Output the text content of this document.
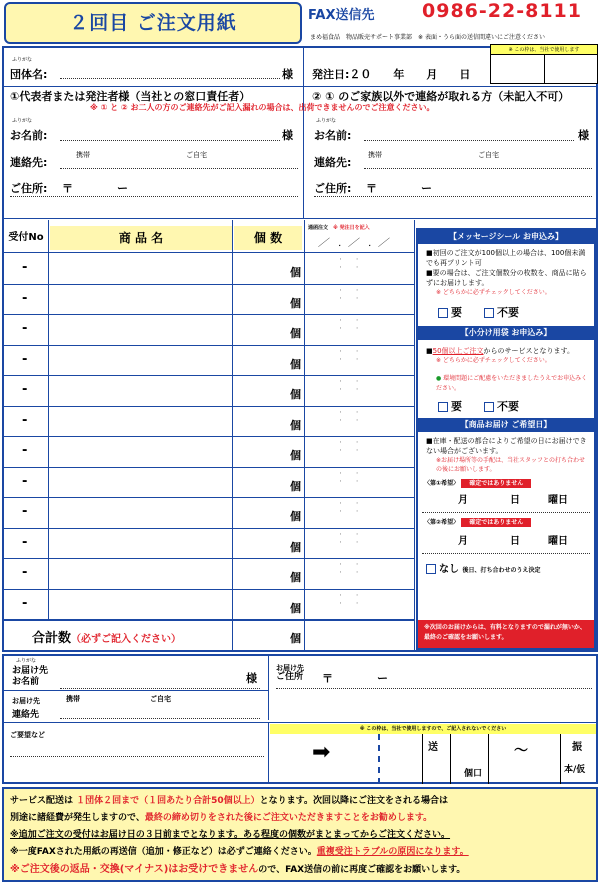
２回目 ご注文用紙	FAX送信先	0986-22-8111
まめ福食品　物品販売サポート事業部　 ※ 表面・うら面の送信間違いにご注意ください
※ この枠は、当社で使用します
ふりがな
団体名:	様 発注日:２０　　年　　月　　日
①代表者または発注者様（当社との窓口責任者）	② ① のご家族以外で連絡が取れる方（未記入不可）
※ ① と ② お二人の方のご連絡先がご記入漏れの場合は、出荷できませんのでご注意ください。
ふりがな
お名前:	様
連絡先:
携帯	ご自宅
ご住所: 〒　　　　ー
ふりがな
お名前:	様
連絡先:
携帯	ご自宅
ご住所: 〒　　　　ー
受付No	商 品 名	個 数
通函注文　 ※ 発注日を記入
／　．／　．／
-	個
・　　 ・
・　　 ・
-	個
・　　 ・
・　　 ・
-	個
・　　 ・
・　　 ・
-	個
・　　 ・
・　　 ・
-	個
・　　 ・
・　　 ・
-	個
・　　 ・
・　　 ・
-	個
・　　 ・
・　　 ・
-	個
・　　 ・
・　　 ・
-	個
・　　 ・
・　　 ・
-	個
・　　 ・
・　　 ・
-	個
・　　 ・
・　　 ・
-	個
・　　 ・
・　　 ・
合計数（必ずご記入ください）	個
【メッセージシール お申込み】
■初回のご注文が100個以上の場合は、100個未満でも再プリント可
■要の場合は、ご注文個数分の枚数を、商品に貼らずにお届けします。
※ どちらかに必ずチェックしてください。
要　　	不要
【小分け用袋 お申込み】
■50個以上ご注文からのサービスとなります。
※ どちらかに必ずチェックしてください。
● 環境問題にご配慮をいただきましたうえでお申込みください。
要　　	不要
【商品お届け ご希望日】
■在庫・配送の都合によりご希望の日にお届けできない場合がございます。
※お届け場所等の手配は、当社スタッフとの打ち合わせの後にお願いします。
〈第①希望〉 確定ではありません
月	日	曜日
〈第②希望〉 確定ではありません
月	日	曜日
なし 後日、打ち合わせのうえ決定
※次回のお届けからは、有料となりますので漏れが無いか、最終のご確認をお願いします。
ふりがな
お届け先
お名前	様
お届け先
ご住所 〒　　　　ー
お届け先
連絡先
携帯	ご自宅
ご要望など
※ この枠は、当社で使用しますので、ご記入されないでください
➡	送
個口
～	振
本/仮
サービス配送は １団体２回まで（１回あたり合計50個以上）となります。次回以降にご注文をされる場合は
別途に諸経費が発生しますので、最終の締め切りをされた後にご注文いただきますことをお勧めします。
※追加ご注文の受付はお届け日の３日前までとなります。ある程度の個数がまとまってからご注文ください。
※一度FAXされた用紙の再送信（追加・修正など）は必ずご連絡ください。重複受注トラブルの原因になります。
※ご注文後の返品・交換(マイナス)はお受けできませんので、FAX送信の前に再度ご確認をお願いします。
